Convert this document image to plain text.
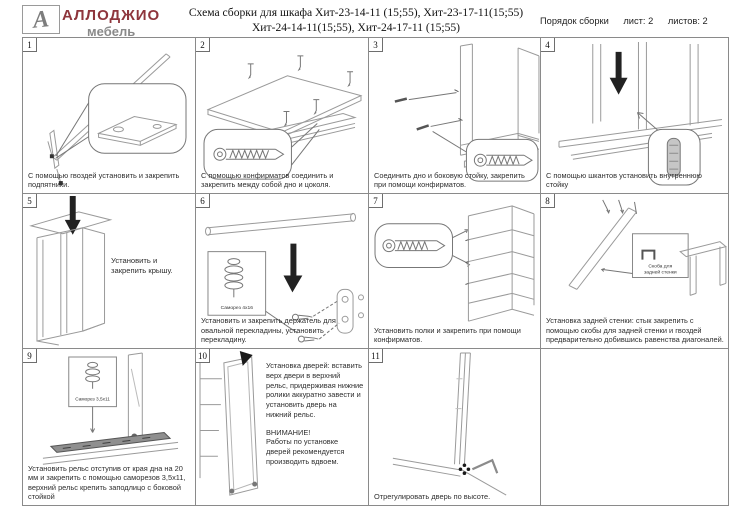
А АЛЛОДЖИО
мебель
Схема сборки для шкафа Хит-23-14-11 (15;55), Хит-23-17-11(15;55)
Хит-24-14-11(15;55), Хит-24-17-11 (15;55)
Порядок сборки лист: 2 листов: 2
1
С помощью гвоздей установить и закрепить подпятники.
2
С помощью конфирматов соединить и закрепить между собой дно и цоколя.
3
Соединить дно и боковую стойку, закрепить при помощи конфирматов.
4
С помощью шкантов установить внутреннюю стойку
5
Установить и закрепить крышу.
6
Саморез 4х16
Установить и закрепить держатель для овальной перекладины, установить перекладину.
7
Установить полки и закрепить при помощи конфирматов.
8
Скоба для
задней стенки
Установка задней стенки: стык закрепить с помощью скобы для задней стенки и гвоздей предварительно добившись равенства диагоналей.
9
Саморез 3,5х11
Установить рельс отступив от края дна на 20 мм и закрепить с помощью саморезов 3,5х11, верхний рельс крепить заподлицо с боковой стойкой
10
Установка дверей: вставить верх двери в верхний рельс, придерживая нижние ролики аккуратно завести и установить дверь на нижний рельс.
ВНИМАНИЕ!
Работы по установке дверей рекомендуется производить вдвоем.
11
Отрегулировать дверь по высоте.
